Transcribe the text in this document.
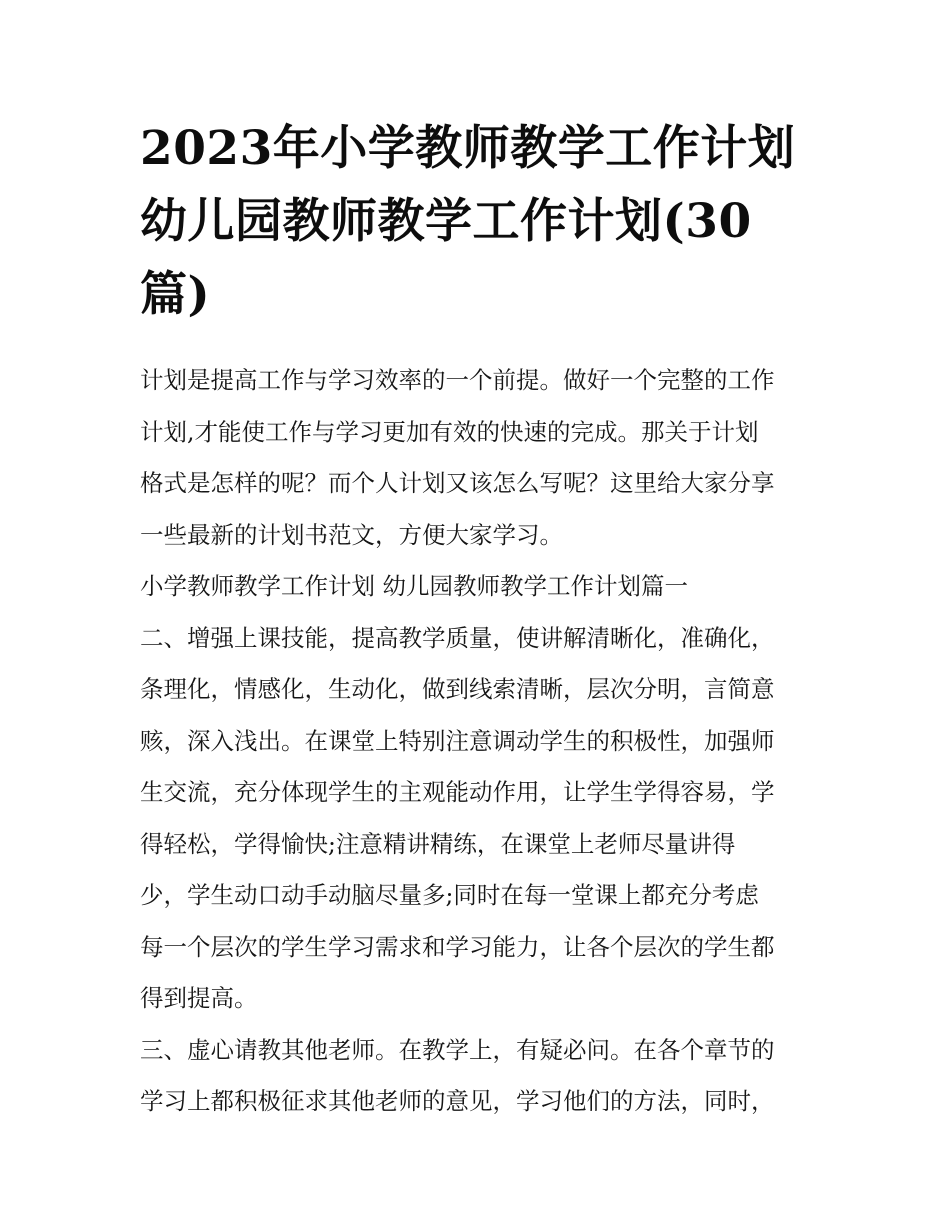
2023年小学教师教学工作计划
幼儿园教师教学工作计划(30
篇)
计划是提高工作与学习效率的一个前提。做好一个完整的工作
计划,才能使工作与学习更加有效的快速的完成。那关于计划
格式是怎样的呢？而个人计划又该怎么写呢？这里给大家分享
一些最新的计划书范文，方便大家学习。
小学教师教学工作计划 幼儿园教师教学工作计划篇一
二、增强上课技能，提高教学质量，使讲解清晰化，准确化，
条理化，情感化，生动化，做到线索清晰，层次分明，言简意
赅，深入浅出。在课堂上特别注意调动学生的积极性，加强师
生交流，充分体现学生的主观能动作用，让学生学得容易，学
得轻松，学得愉快;注意精讲精练，在课堂上老师尽量讲得
少，学生动口动手动脑尽量多;同时在每一堂课上都充分考虑
每一个层次的学生学习需求和学习能力，让各个层次的学生都
得到提高。
三、虚心请教其他老师。在教学上，有疑必问。在各个章节的
学习上都积极征求其他老师的意见，学习他们的方法，同时，
